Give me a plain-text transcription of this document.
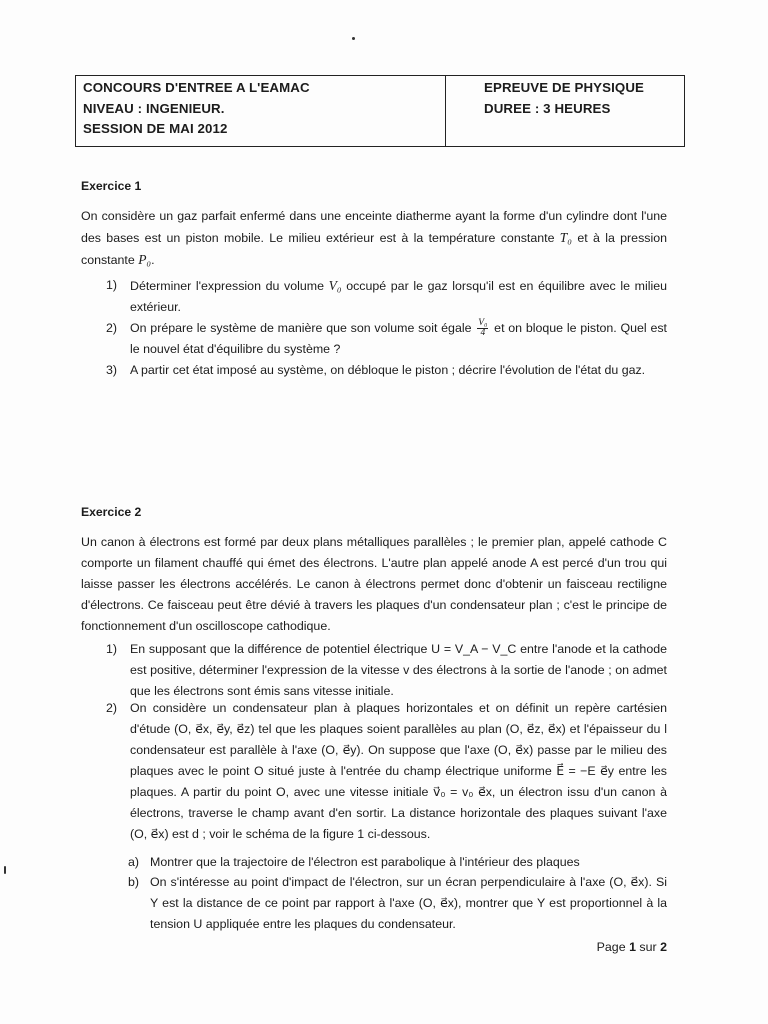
CONCOURS D'ENTREE A L'EAMAC
NIVEAU : INGENIEUR.
SESSION DE MAI 2012
EPREUVE DE PHYSIQUE
DUREE : 3 HEURES
Exercice 1
On considère un gaz parfait enfermé dans une enceinte diatherme ayant la forme d'un cylindre dont l'une des bases est un piston mobile. Le milieu extérieur est à la température constante T₀ et à la pression constante P₀.
1) Déterminer l'expression du volume V₀ occupé par le gaz lorsqu'il est en équilibre avec le milieu extérieur.
2) On prépare le système de manière que son volume soit égale $\frac{\text{V₀}}{4}$ et on bloque le piston. Quel est le nouvel état d'équilibre du système ?
3) A partir cet état imposé au système, on débloque le piston ; décrire l'évolution de l'état du gaz.
Exercice 2
Un canon à électrons est formé par deux plans métalliques parallèles ; le premier plan, appelé cathode C comporte un filament chauffé qui émet des électrons. L'autre plan appelé anode A est percé d'un trou qui laisse passer les électrons accélérés. Le canon à électrons permet donc d'obtenir un faisceau rectiligne d'électrons. Ce faisceau peut être dévié à travers les plaques d'un condensateur plan ; c'est le principe de fonctionnement d'un oscilloscope cathodique.
1) En supposant que la différence de potentiel électrique U = V_A − V_C entre l'anode et la cathode est positive, déterminer l'expression de la vitesse v des électrons à la sortie de l'anode ; on admet que les électrons sont émis sans vitesse initiale.
2) On considère un condensateur plan à plaques horizontales et on définit un repère cartésien d'étude (O, e⃗x, e⃗y, e⃗z) tel que les plaques soient parallèles au plan (O, e⃗z, e⃗x) et l'épaisseur du l condensateur est parallèle à l'axe (O, e⃗y). On suppose que l'axe (O, e⃗x) passe par le milieu des plaques avec le point O situé juste à l'entrée du champ électrique uniforme E⃗ = −E e⃗y entre les plaques. A partir du point O, avec une vitesse initiale v⃗₀ = v₀ e⃗x, un électron issu d'un canon à électrons, traverse le champ avant d'en sortir. La distance horizontale des plaques suivant l'axe (O, e⃗x) est d ; voir le schéma de la figure 1 ci-dessous.
a) Montrer que la trajectoire de l'électron est parabolique à l'intérieur des plaques
b) On s'intéresse au point d'impact de l'électron, sur un écran perpendiculaire à l'axe (O, e⃗x). Si Y est la distance de ce point par rapport à l'axe (O, e⃗x), montrer que Y est proportionnel à la tension U appliquée entre les plaques du condensateur.
Page 1 sur 2
